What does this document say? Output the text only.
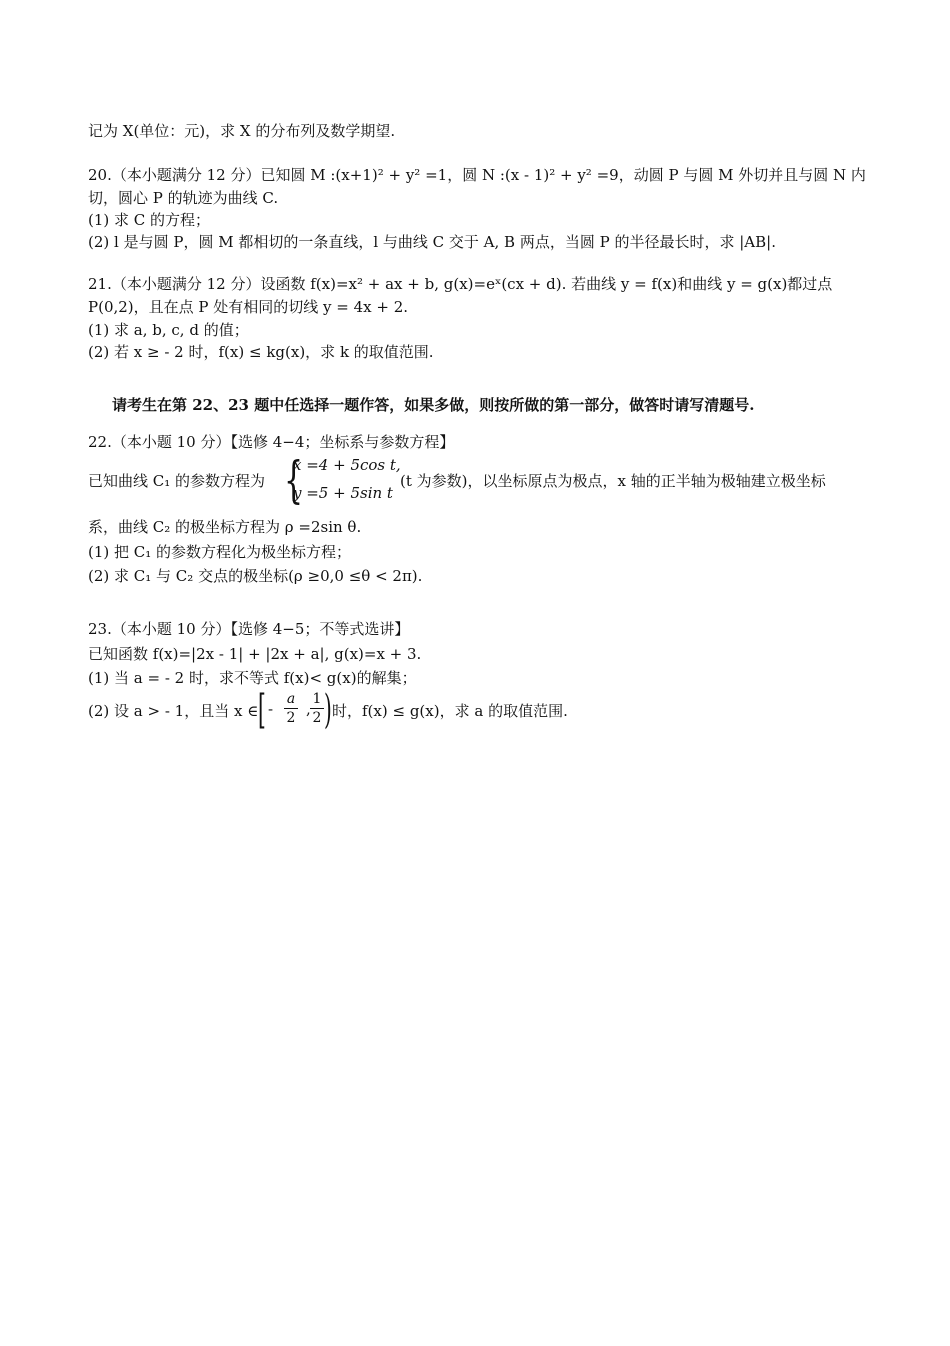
记为 X(单位：元)，求 X 的分布列及数学期望.
20.（本小题满分 12 分）已知圆 M :(x+1)² + y² =1，圆 N :(x - 1)² + y² =9，动圆 P 与圆 M 外切并且与圆 N 内
切，圆心 P 的轨迹为曲线 C.
(1) 求 C 的方程；
(2) l 是与圆 P，圆 M 都相切的一条直线，l 与曲线 C 交于 A, B 两点，当圆 P 的半径最长时，求 |AB|.
21.（本小题满分 12 分）设函数 f(x)=x² + ax + b, g(x)=eˣ(cx + d). 若曲线 y = f(x)和曲线 y = g(x)都过点
P(0,2)，且在点 P 处有相同的切线 y = 4x + 2.
(1) 求 a, b, c, d 的值；
(2) 若 x ≥ - 2 时，f(x) ≤ kg(x)，求 k 的取值范围.
请考生在第 22、23 题中任选择一题作答，如果多做，则按所做的第一部分，做答时请写清题号.
22.（本小题 10 分）【选修 4−4；坐标系与参数方程】
已知曲线 C₁ 的参数方程为 {
x =4 + 5cos t,
y =5 + 5sin t
(t 为参数)，以坐标原点为极点，x 轴的正半轴为极轴建立极坐标
系，曲线 C₂ 的极坐标方程为 ρ =2sin θ.
(1) 把 C₁ 的参数方程化为极坐标方程；
(2) 求 C₁ 与 C₂ 交点的极坐标(ρ ≥0,0 ≤θ < 2π).
23.（本小题 10 分）【选修 4−5；不等式选讲】
已知函数 f(x)=|2x - 1| + |2x + a|, g(x)=x + 3.
(1) 当 a = - 2 时，求不等式 f(x)< g(x)的解集；
(2) 设 a > - 1，且当 x ∈ [ - $\frac{a}{2}$ , $\frac{1}{2}$ ) 时，f(x) ≤ g(x)，求 a 的取值范围.
